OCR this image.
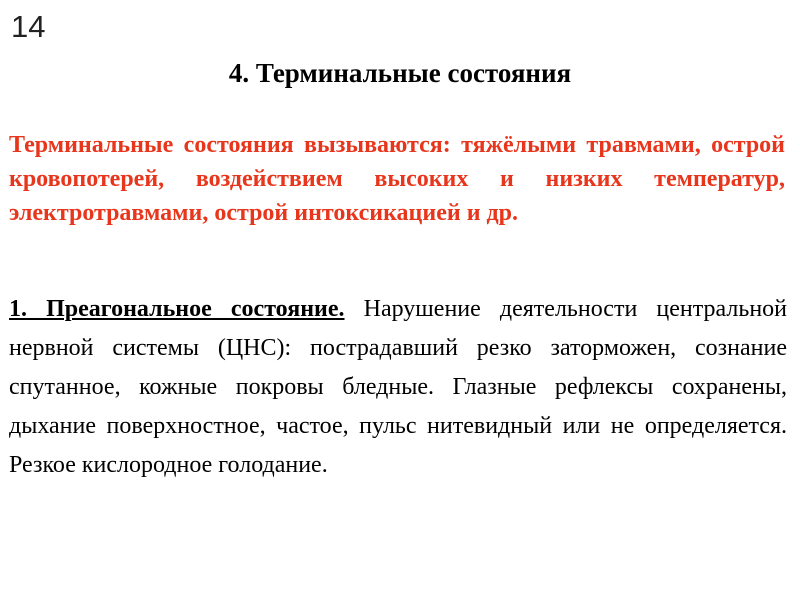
14
4. Терминальные состояния

Терминальные состояния вызываются: тяжёлыми травмами, острой кровопотерей, воздействием высоких и низких температур, электротравмами, острой интоксикацией и др.

1. Преагональное состояние. Нарушение деятельности центральной нервной системы (ЦНС): пострадавший резко заторможен, сознание спутанное, кожные покровы бледные. Глазные рефлексы сохранены, дыхание поверхностное, частое, пульс нитевидный или не определяется. Резкое кислородное голодание.
